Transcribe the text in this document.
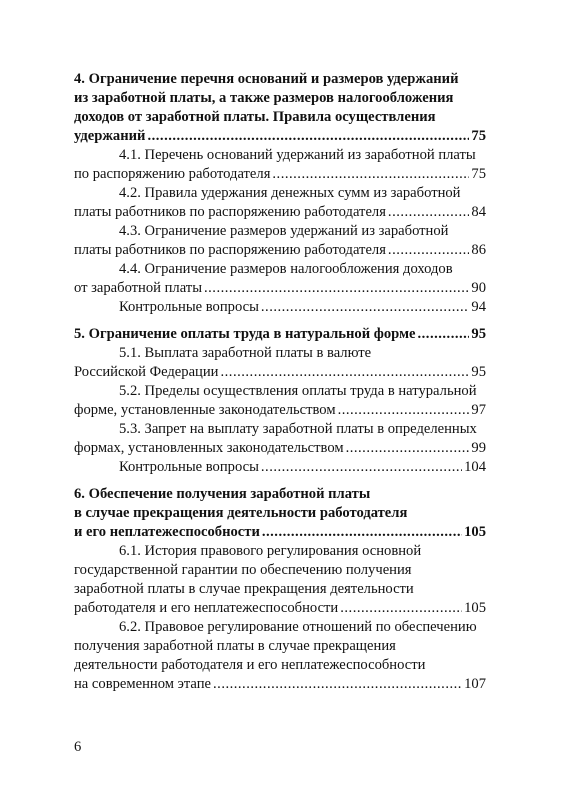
4. Ограничение перечня оснований и размеров удержаний
из заработной платы, а также размеров налогообложения
доходов от заработной платы. Правила осуществления
удержаний .....	75
4.1. Перечень оснований удержаний из заработной платы
по распоряжению работодателя .....	75
4.2. Правила удержания денежных сумм из заработной
платы работников по распоряжению работодателя .....	84
4.3. Ограничение размеров удержаний из заработной
платы работников по распоряжению работодателя .....	86
4.4. Ограничение размеров налогообложения доходов
от заработной платы .....	90
Контрольные вопросы .....	94
5. Ограничение оплаты труда в натуральной форме .....	95
5.1. Выплата заработной платы в валюте
Российской Федерации .....	95
5.2. Пределы осуществления оплаты труда в натуральной
форме, установленные законодательством .....	97
5.3. Запрет на выплату заработной платы в определенных
формах, установленных законодательством .....	99
Контрольные вопросы .....	104
6. Обеспечение получения заработной платы
в случае прекращения деятельности работодателя
и его неплатежеспособности .....	105
6.1. История правового регулирования основной
государственной гарантии по обеспечению получения
заработной платы в случае прекращения деятельности
работодателя и его неплатежеспособности .....	105
6.2. Правовое регулирование отношений по обеспечению
получения заработной платы в случае прекращения
деятельности работодателя и его неплатежеспособности
на современном этапе .....	107
6
